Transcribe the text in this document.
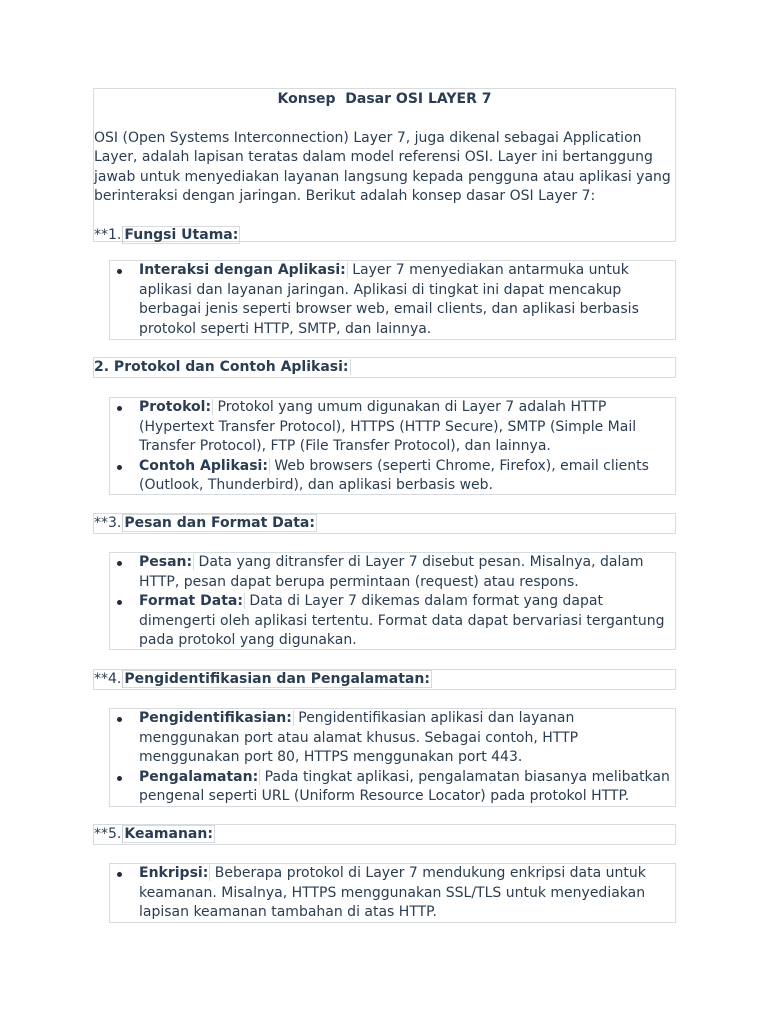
Konsep  Dasar OSI LAYER 7

OSI (Open Systems Interconnection) Layer 7, juga dikenal sebagai Application Layer, adalah lapisan teratas dalam model referensi OSI. Layer ini bertanggung jawab untuk menyediakan layanan langsung kepada pengguna atau aplikasi yang berinteraksi dengan jaringan. Berikut adalah konsep dasar OSI Layer 7:

**1. Fungsi Utama:

Interaksi dengan Aplikasi: Layer 7 menyediakan antarmuka untuk aplikasi dan layanan jaringan. Aplikasi di tingkat ini dapat mencakup berbagai jenis seperti browser web, email clients, dan aplikasi berbasis protokol seperti HTTP, SMTP, dan lainnya.

2. Protokol dan Contoh Aplikasi:

Protokol: Protokol yang umum digunakan di Layer 7 adalah HTTP (Hypertext Transfer Protocol), HTTPS (HTTP Secure), SMTP (Simple Mail Transfer Protocol), FTP (File Transfer Protocol), dan lainnya.
Contoh Aplikasi: Web browsers (seperti Chrome, Firefox), email clients (Outlook, Thunderbird), dan aplikasi berbasis web.

**3. Pesan dan Format Data:

Pesan: Data yang ditransfer di Layer 7 disebut pesan. Misalnya, dalam HTTP, pesan dapat berupa permintaan (request) atau respons.
Format Data: Data di Layer 7 dikemas dalam format yang dapat dimengerti oleh aplikasi tertentu. Format data dapat bervariasi tergantung pada protokol yang digunakan.

**4. Pengidentifikasian dan Pengalamatan:

Pengidentifikasian: Pengidentifikasian aplikasi dan layanan menggunakan port atau alamat khusus. Sebagai contoh, HTTP menggunakan port 80, HTTPS menggunakan port 443.
Pengalamatan: Pada tingkat aplikasi, pengalamatan biasanya melibatkan pengenal seperti URL (Uniform Resource Locator) pada protokol HTTP.

**5. Keamanan:

Enkripsi: Beberapa protokol di Layer 7 mendukung enkripsi data untuk keamanan. Misalnya, HTTPS menggunakan SSL/TLS untuk menyediakan lapisan keamanan tambahan di atas HTTP.
